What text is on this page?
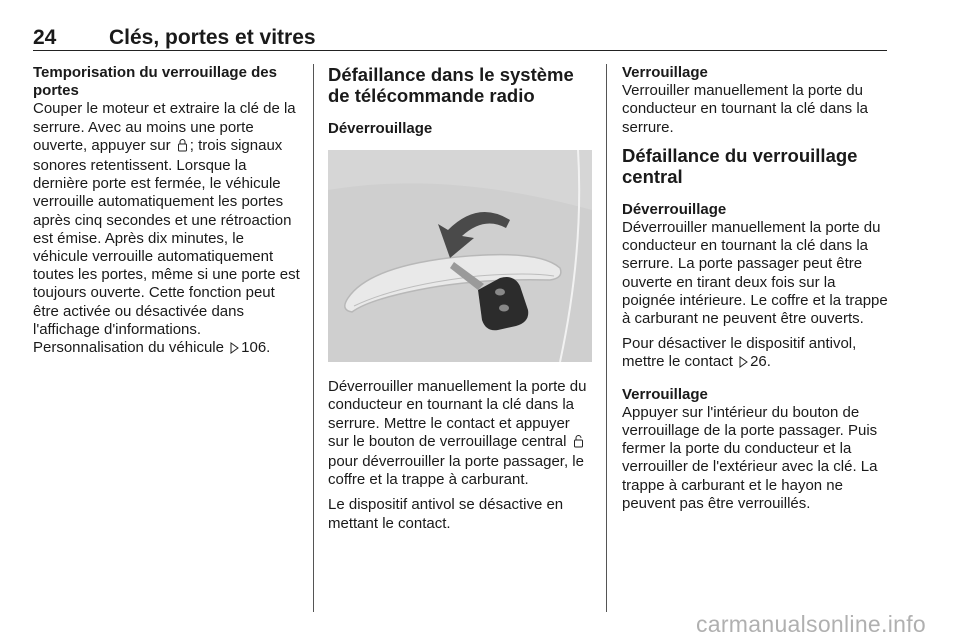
24	Clés, portes et vitres
Temporisation du verrouillage des portes

Couper le moteur et extraire la clé de la serrure. Avec au moins une porte ouverte, appuyer sur ; trois signaux sonores retentissent. Lorsque la dernière porte est fermée, le véhicule verrouille automatiquement les portes après cinq secondes et une rétroaction est émise. Après dix minutes, le véhicule verrouille automatiquement toutes les portes, même si une porte est toujours ouverte. Cette fonction peut être activée ou désactivée dans l'affichage d'informations. Personnalisation du véhicule 106.

Défaillance dans le système de télécommande radio
Déverrouillage

Déverrouiller manuellement la porte du conducteur en tournant la clé dans la serrure. Mettre le contact et appuyer sur le bouton de verrouillage central pour déverrouiller la porte passager, le coffre et la trappe à carburant.

Le dispositif antivol se désactive en mettant le contact.

Verrouillage

Verrouiller manuellement la porte du conducteur en tournant la clé dans la serrure.

Défaillance du verrouillage central
Déverrouillage

Déverrouiller manuellement la porte du conducteur en tournant la clé dans la serrure. La porte passager peut être ouverte en tirant deux fois sur la poignée intérieure. Le coffre et la trappe à carburant ne peuvent être ouverts.

Pour désactiver le dispositif antivol, mettre le contact 26.

Verrouillage

Appuyer sur l'intérieur du bouton de verrouillage de la porte passager. Puis fermer la porte du conducteur et la verrouiller de l'extérieur avec la clé. La trappe à carburant et le hayon ne peuvent pas être verrouillés.

carmanualsonline.info
